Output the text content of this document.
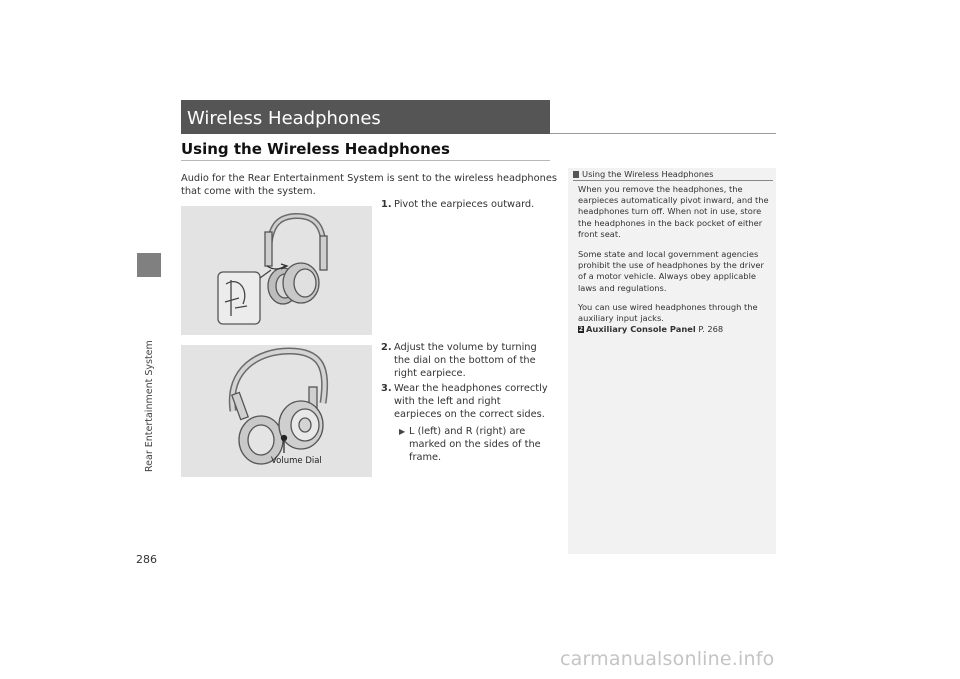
Rear Entertainment System
Wireless Headphones
Using the Wireless Headphones
Audio for the Rear Entertainment System is sent to the wireless headphones that come with the system.
Volume Dial
1. Pivot the earpieces outward.
2. Adjust the volume by turning the dial on the bottom of the right earpiece.
3. Wear the headphones correctly with the left and right earpieces on the correct sides.
▶ L (left) and R (right) are marked on the sides of the frame.
Using the Wireless Headphones
When you remove the headphones, the earpieces automatically pivot inward, and the headphones turn off. When not in use, store the headphones in the back pocket of either front seat.
Some state and local government agencies prohibit the use of headphones by the driver of a motor vehicle. Always obey applicable laws and regulations.
You can use wired headphones through the auxiliary input jacks.
2 Auxiliary Console Panel P. 268
286
carmanualsonline.info
